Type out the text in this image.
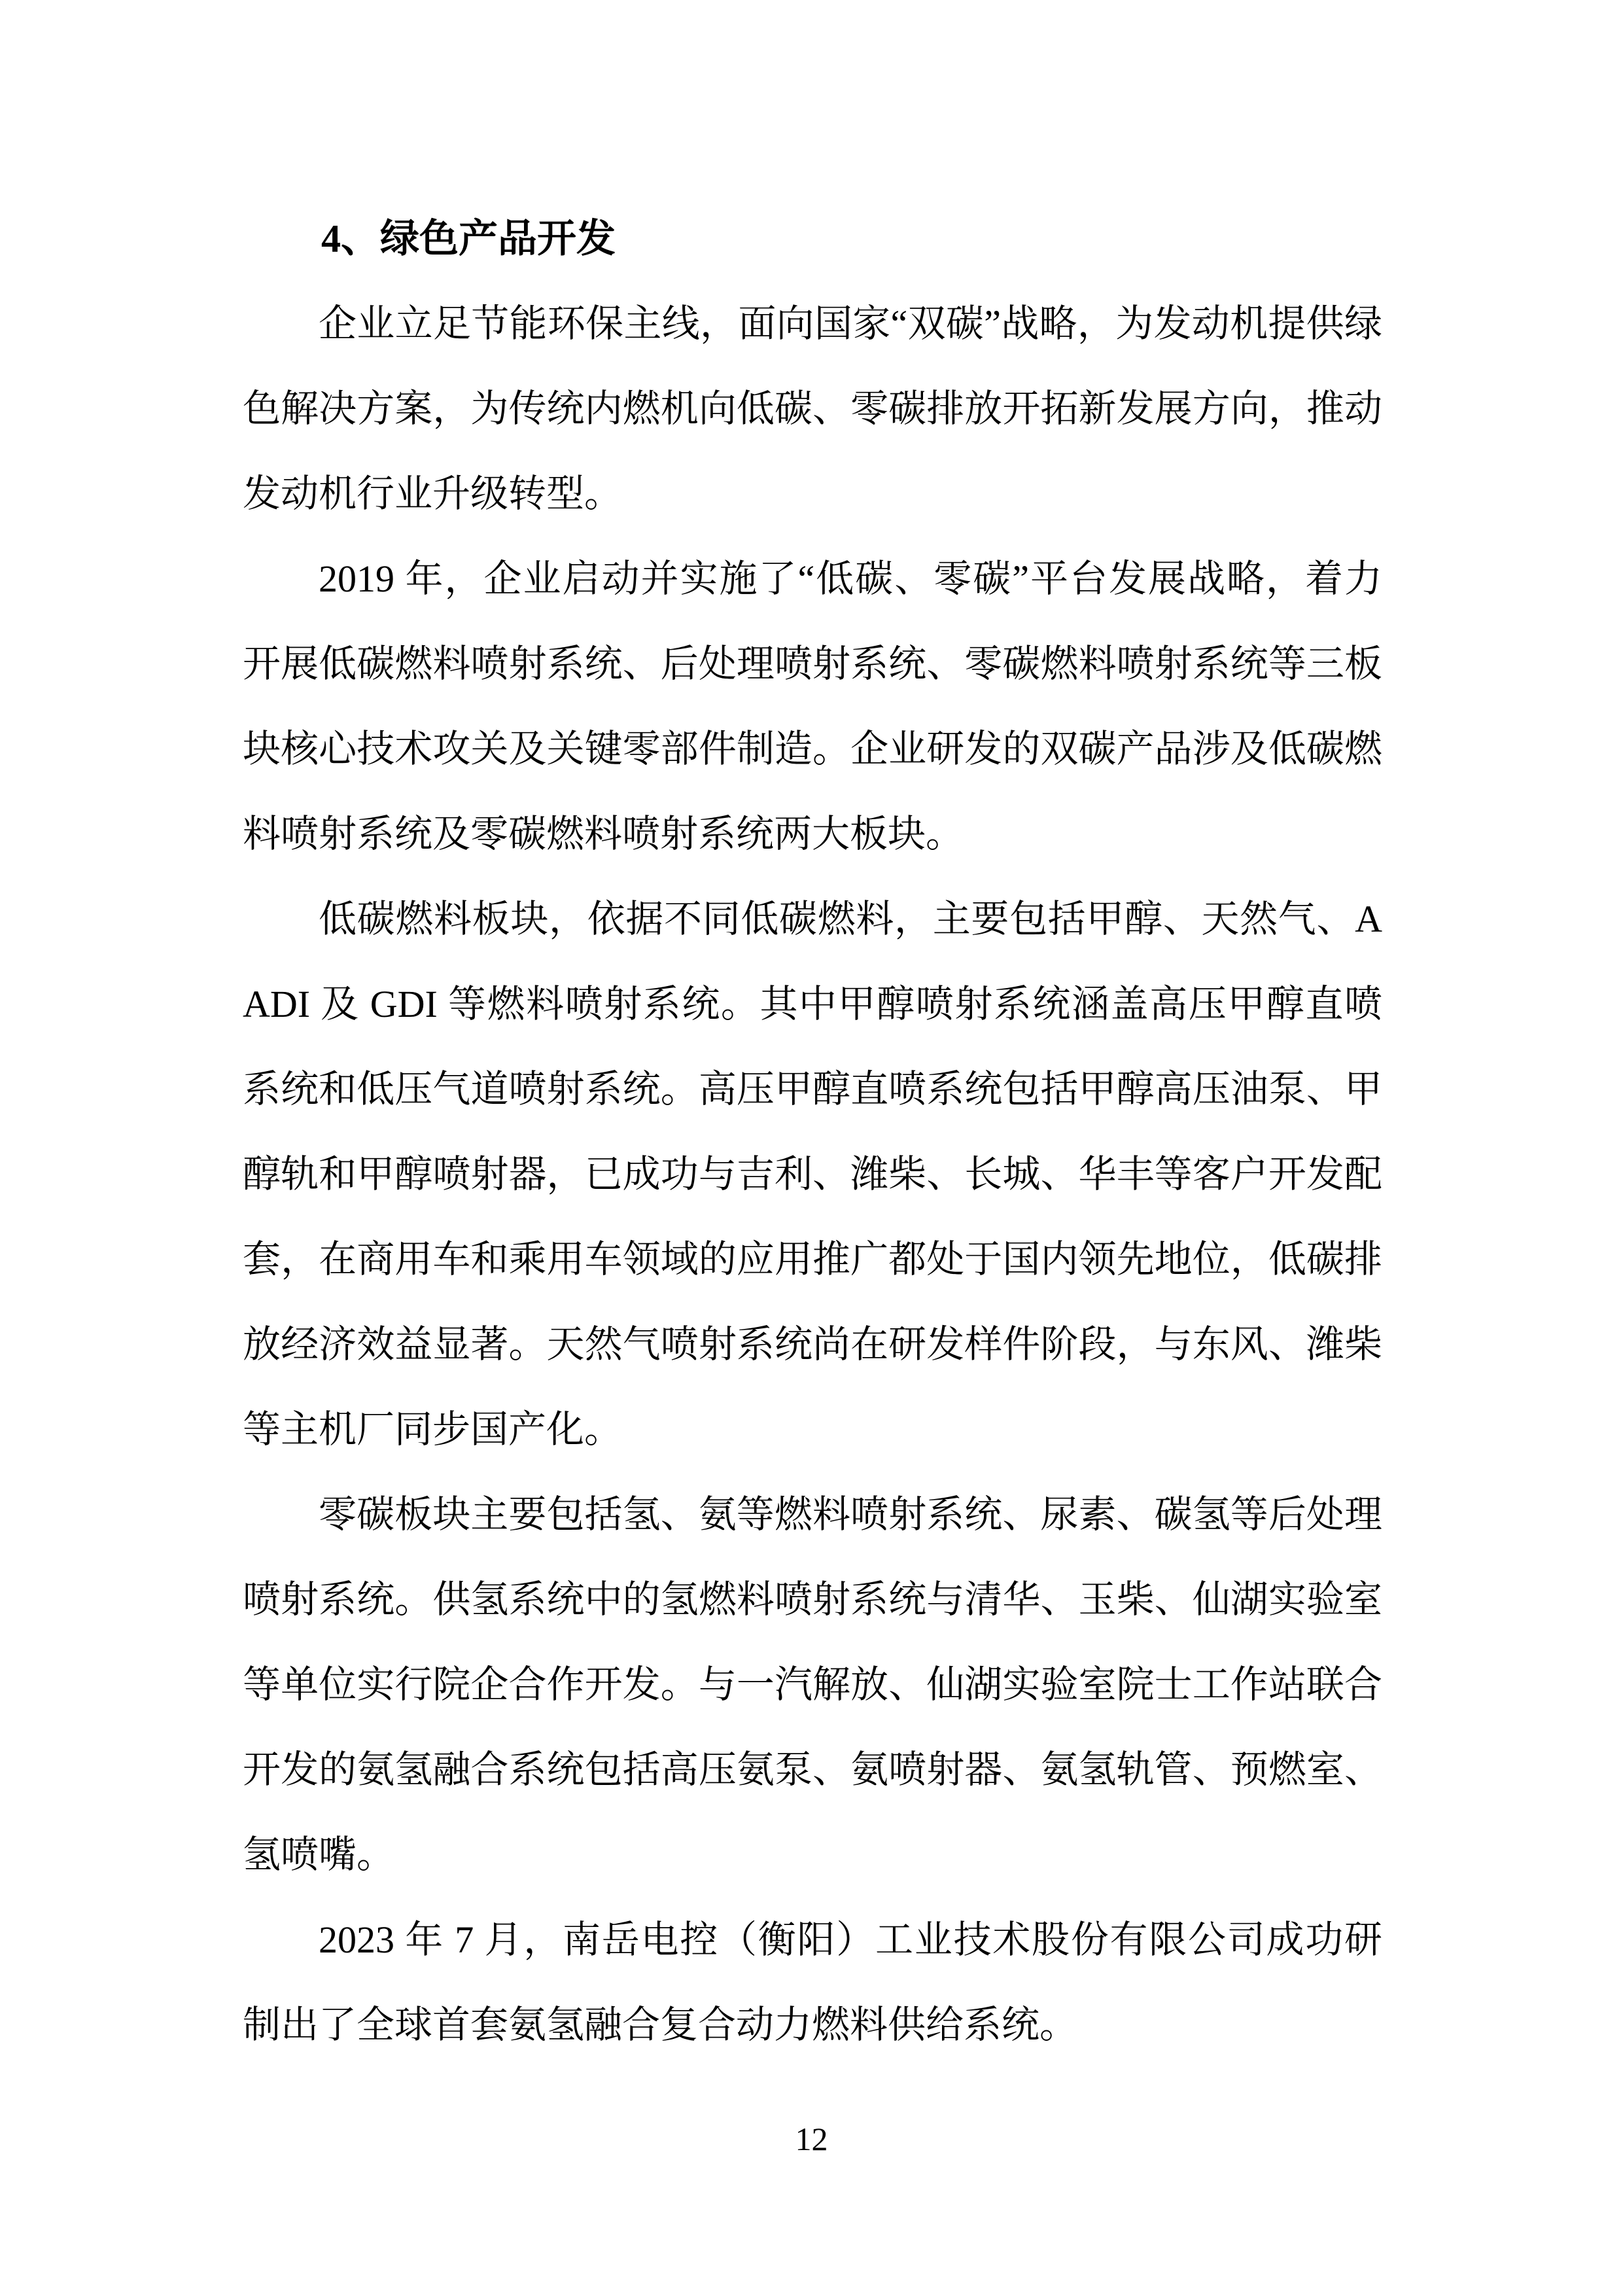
4、绿色产品开发

企业立足节能环保主线，面向国家“双碳”战略，为发动机提供绿色解决方案，为传统内燃机向低碳、零碳排放开拓新发展方向，推动发动机行业升级转型。

2019 年，企业启动并实施了“低碳、零碳”平台发展战略，着力开展低碳燃料喷射系统、后处理喷射系统、零碳燃料喷射系统等三板块核心技术攻关及关键零部件制造。企业研发的双碳产品涉及低碳燃料喷射系统及零碳燃料喷射系统两大板块。

低碳燃料板块，依据不同低碳燃料，主要包括甲醇、天然气、AADI 及 GDI 等燃料喷射系统。其中甲醇喷射系统涵盖高压甲醇直喷系统和低压气道喷射系统。高压甲醇直喷系统包括甲醇高压油泵、甲醇轨和甲醇喷射器，已成功与吉利、潍柴、长城、华丰等客户开发配套，在商用车和乘用车领域的应用推广都处于国内领先地位，低碳排放经济效益显著。天然气喷射系统尚在研发样件阶段，与东风、潍柴等主机厂同步国产化。

零碳板块主要包括氢、氨等燃料喷射系统、尿素、碳氢等后处理喷射系统。供氢系统中的氢燃料喷射系统与清华、玉柴、仙湖实验室等单位实行院企合作开发。与一汽解放、仙湖实验室院士工作站联合开发的氨氢融合系统包括高压氨泵、氨喷射器、氨氢轨管、预燃室、氢喷嘴。

2023 年 7 月，南岳电控（衡阳）工业技术股份有限公司成功研制出了全球首套氨氢融合复合动力燃料供给系统。

12
